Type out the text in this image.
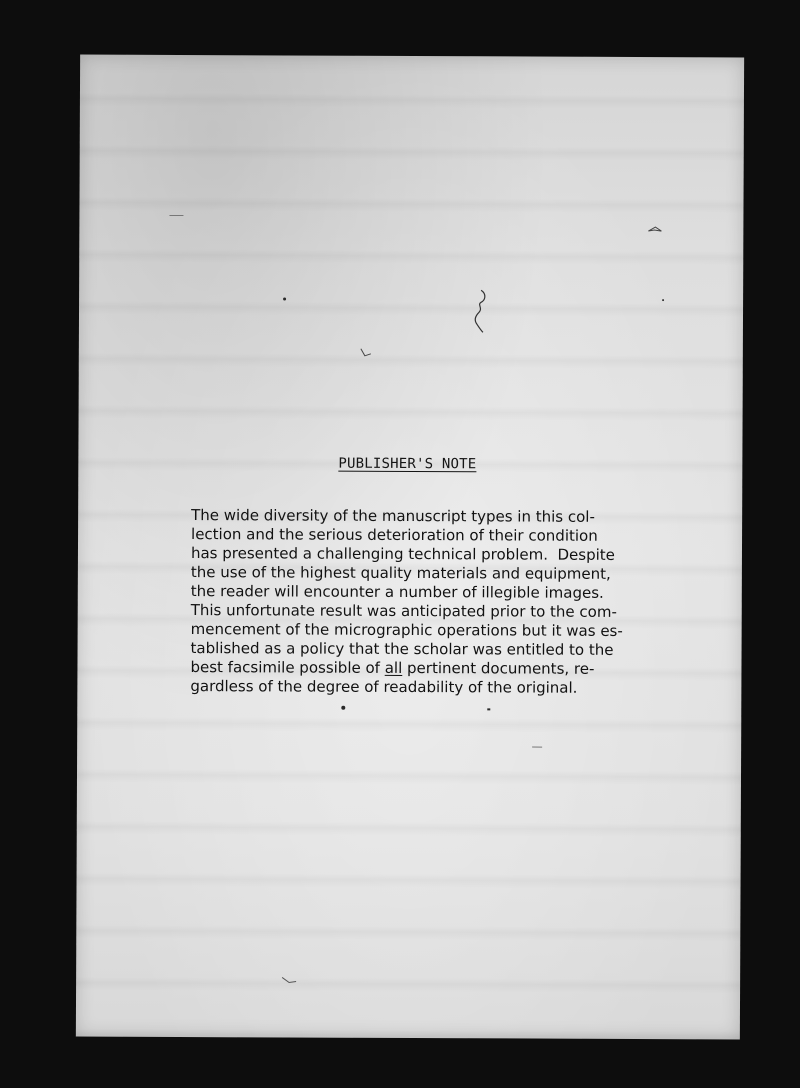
PUBLISHER'S NOTE
The wide diversity of the manuscript types in this col-
lection and the serious deterioration of their condition
has presented a challenging technical problem.  Despite
the use of the highest quality materials and equipment,
the reader will encounter a number of illegible images.
This unfortunate result was anticipated prior to the com-
mencement of the micrographic operations but it was es-
tablished as a policy that the scholar was entitled to the
best facsimile possible of all pertinent documents, re-
gardless of the degree of readability of the original.
